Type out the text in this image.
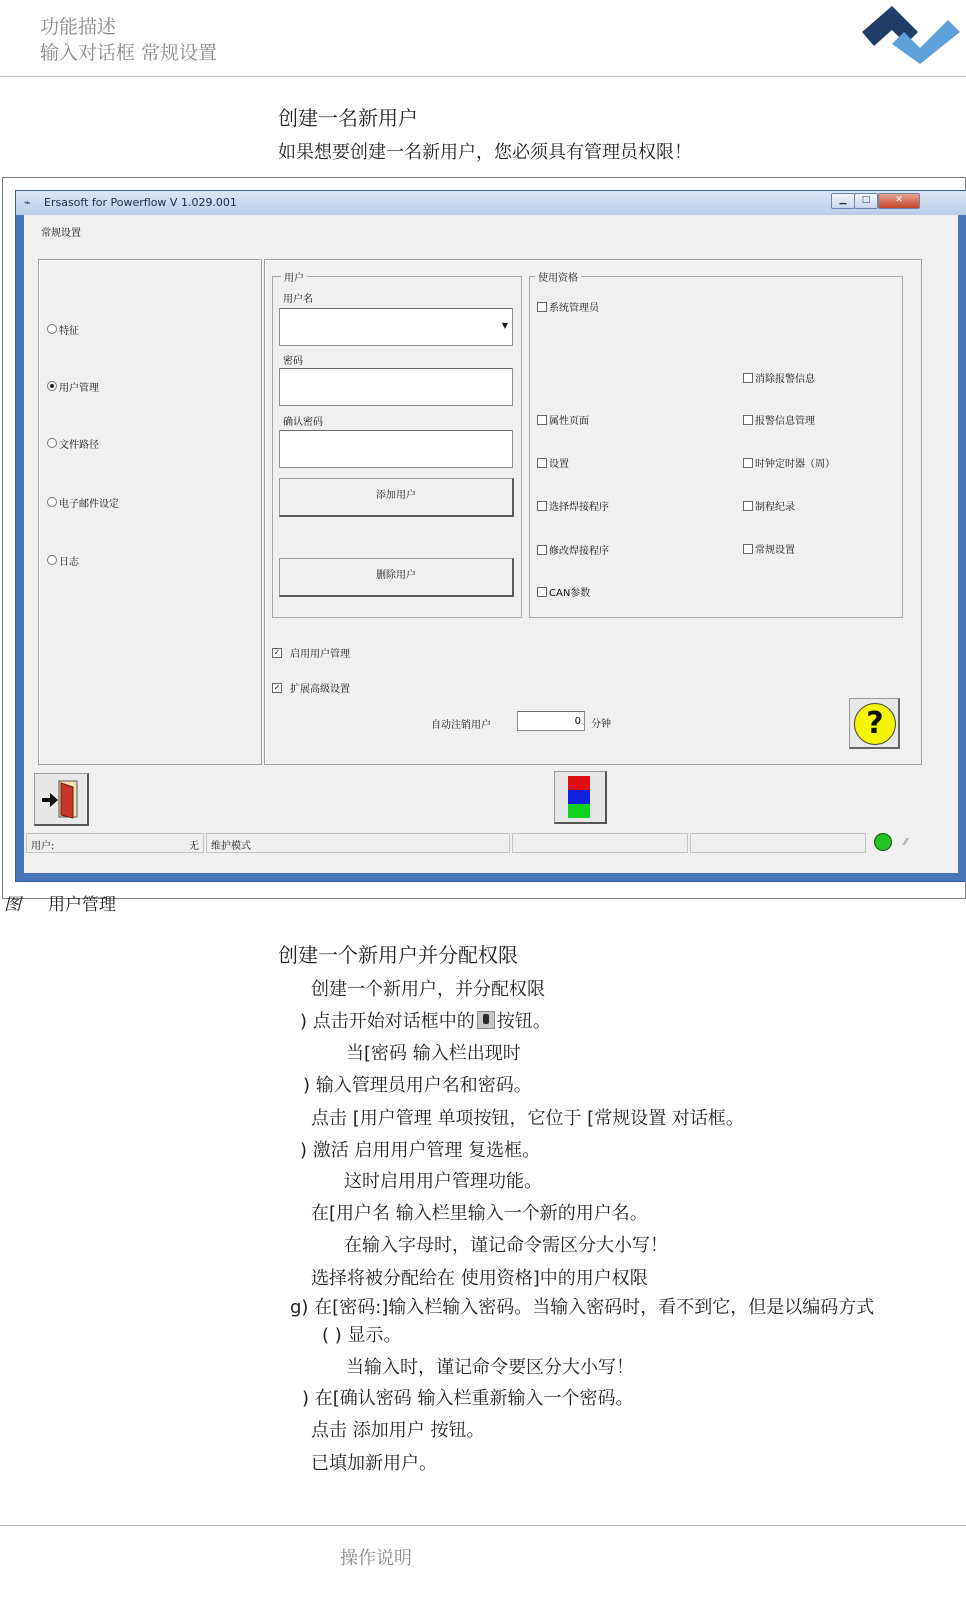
功能描述
输入对话框 常规设置
创建一名新用户
如果想要创建一名新用户，您必须具有管理员权限！
⌁ Ersasoft for Powerflow V 1.029.001	▁	□	✕
常规设置
特征
用户管理
文件路径
电子邮件设定
日志
用户
用户名
▼
密码
确认密码
添加用户
删除用户
使用资格
系统管理员
消除报警信息
属性页面	报警信息管理
设置	时钟定时器（周）
选择焊接程序	制程纪录
修改焊接程序	常规设置
CAN参数
✓ 启用用户管理
✓ 扩展高级设置
自动注销用户	0	分钟	?
用户:	无 维护模式	⁄⁄
图 用户管理
创建一个新用户并分配权限
创建一个新用户，并分配权限
) 点击开始对话框中的 按钮。
当[密码 输入栏出现时
) 输入管理员用户名和密码。
点击 [用户管理 单项按钮，它位于 [常规设置 对话框。
) 激活 启用用户管理 复选框。
这时启用用户管理功能。
在[用户名 输入栏里输入一个新的用户名。
在输入字母时，谨记命令需区分大小写！
选择将被分配给在 使用资格]中的用户权限
g) 在[密码:]输入栏输入密码。当输入密码时，看不到它，但是以编码方式
( ) 显示。
当输入时，谨记命令要区分大小写！
) 在[确认密码 输入栏重新输入一个密码。
点击 添加用户 按钮。
已填加新用户。
操作说明
